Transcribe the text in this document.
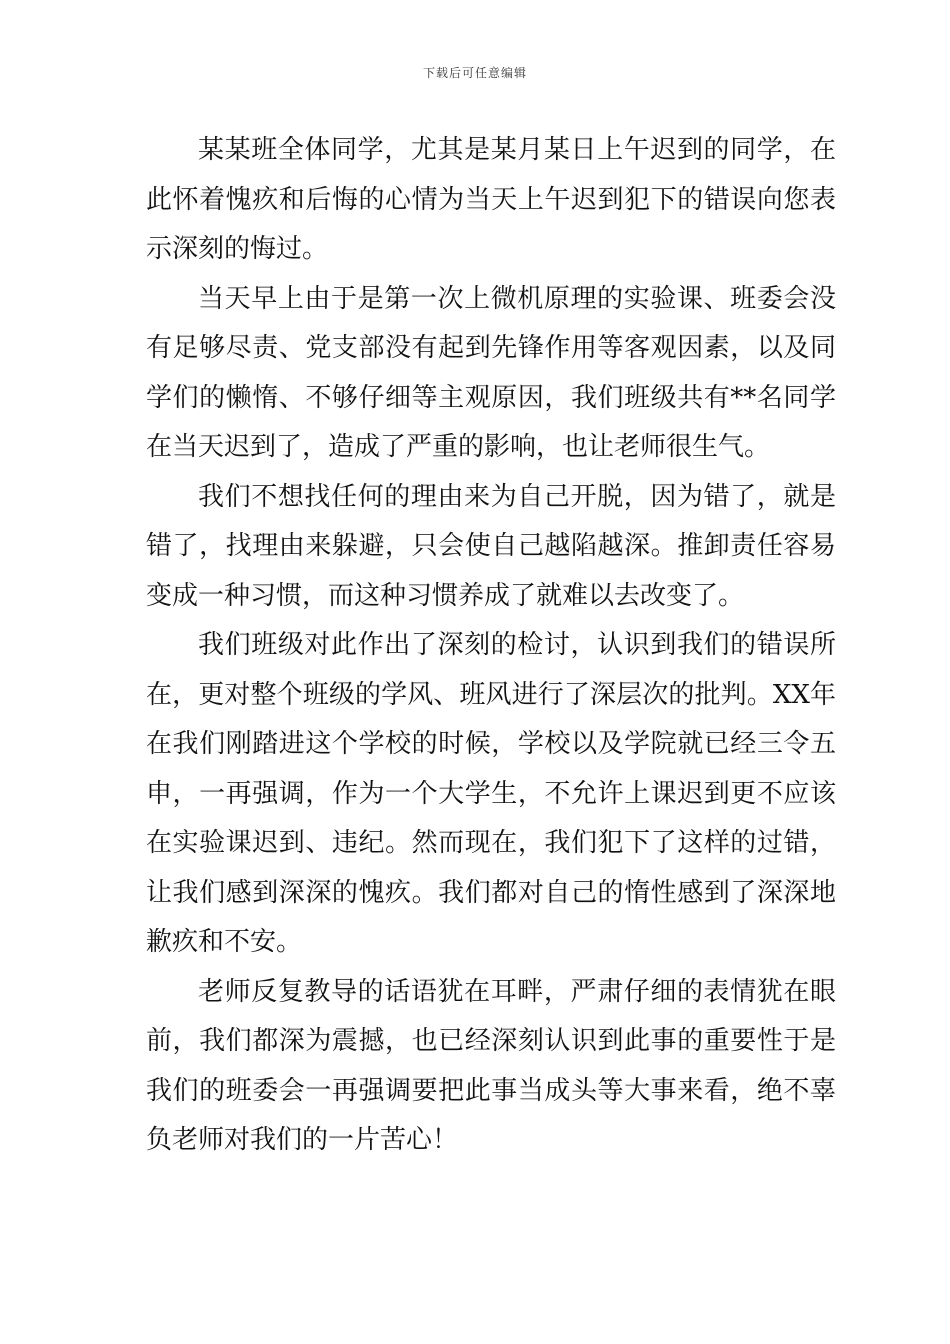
下载后可任意编辑

某某班全体同学，尤其是某月某日上午迟到的同学，在此怀着愧疚和后悔的心情为当天上午迟到犯下的错误向您表示深刻的悔过。

当天早上由于是第一次上微机原理的实验课、班委会没有足够尽责、党支部没有起到先锋作用等客观因素，以及同学们的懒惰、不够仔细等主观原因，我们班级共有**名同学在当天迟到了，造成了严重的影响，也让老师很生气。

我们不想找任何的理由来为自己开脱，因为错了，就是错了，找理由来躲避，只会使自己越陷越深。推卸责任容易变成一种习惯，而这种习惯养成了就难以去改变了。

我们班级对此作出了深刻的检讨，认识到我们的错误所在，更对整个班级的学风、班风进行了深层次的批判。XX年在我们刚踏进这个学校的时候，学校以及学院就已经三令五申，一再强调，作为一个大学生，不允许上课迟到更不应该在实验课迟到、违纪。然而现在，我们犯下了这样的过错，让我们感到深深的愧疚。我们都对自己的惰性感到了深深地歉疚和不安。

老师反复教导的话语犹在耳畔，严肃仔细的表情犹在眼前，我们都深为震撼，也已经深刻认识到此事的重要性于是我们的班委会一再强调要把此事当成头等大事来看，绝不辜负老师对我们的一片苦心！
